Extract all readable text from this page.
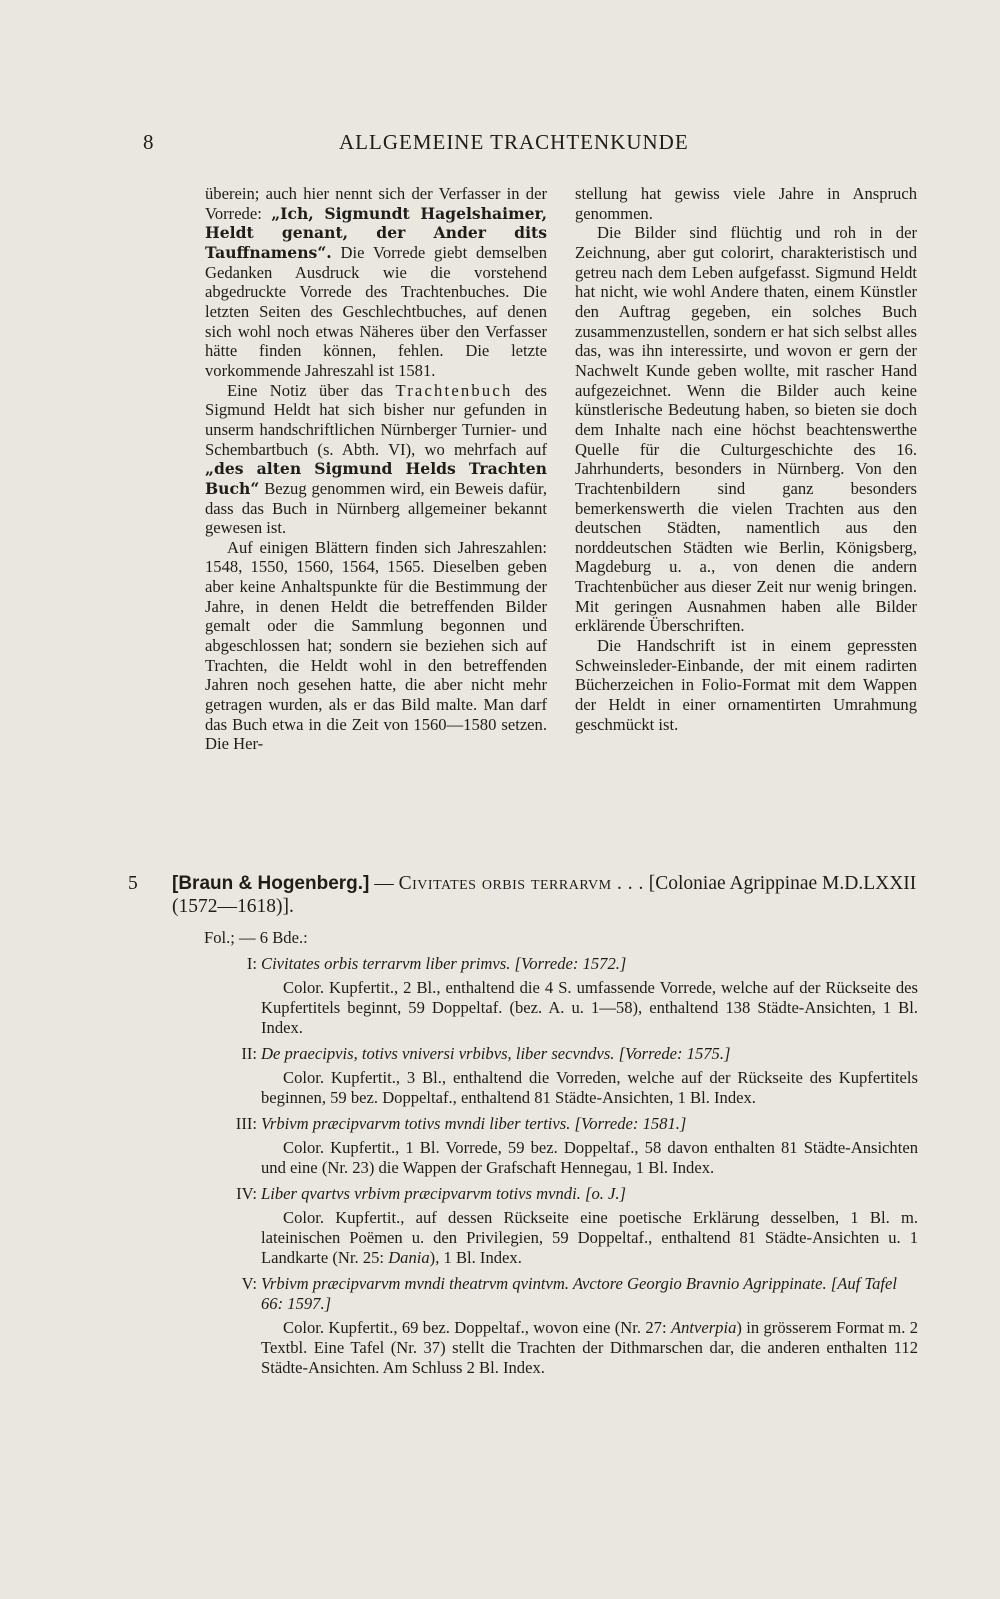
8	ALLGEMEINE TRACHTENKUNDE

überein; auch hier nennt sich der Verfasser in der Vorrede: „Ich, Sigmundt Hagelshaimer, Heldt genant, der Ander dits Tauffnamens“. Die Vorrede giebt demselben Gedanken Ausdruck wie die vorstehend abgedruckte Vorrede des Trachtenbuches. Die letzten Seiten des Geschlechtbuches, auf denen sich wohl noch etwas Näheres über den Verfasser hätte finden können, fehlen. Die letzte vorkommende Jahreszahl ist 1581.

Eine Notiz über das Trachtenbuch des Sigmund Heldt hat sich bisher nur gefunden in unserm handschriftlichen Nürnberger Turnier- und Schembartbuch (s. Abth. VI), wo mehrfach auf „des alten Sigmund Helds Trachten Buch“ Bezug genommen wird, ein Beweis dafür, dass das Buch in Nürnberg allgemeiner bekannt gewesen ist.

Auf einigen Blättern finden sich Jahreszahlen: 1548, 1550, 1560, 1564, 1565. Dieselben geben aber keine Anhaltspunkte für die Bestimmung der Jahre, in denen Heldt die betreffenden Bilder gemalt oder die Sammlung begonnen und abgeschlossen hat; sondern sie beziehen sich auf Trachten, die Heldt wohl in den betreffenden Jahren noch gesehen hatte, die aber nicht mehr getragen wurden, als er das Bild malte. Man darf das Buch etwa in die Zeit von 1560—1580 setzen. Die Her-

stellung hat gewiss viele Jahre in Anspruch genommen.

Die Bilder sind flüchtig und roh in der Zeichnung, aber gut colorirt, charakteristisch und getreu nach dem Leben aufgefasst. Sigmund Heldt hat nicht, wie wohl Andere thaten, einem Künstler den Auftrag gegeben, ein solches Buch zusammenzustellen, sondern er hat sich selbst alles das, was ihn interessirte, und wovon er gern der Nachwelt Kunde geben wollte, mit rascher Hand aufgezeichnet. Wenn die Bilder auch keine künstlerische Bedeutung haben, so bieten sie doch dem Inhalte nach eine höchst beachtenswerthe Quelle für die Culturgeschichte des 16. Jahrhunderts, besonders in Nürnberg. Von den Trachtenbildern sind ganz besonders bemerkenswerth die vielen Trachten aus den deutschen Städten, namentlich aus den norddeutschen Städten wie Berlin, Königsberg, Magdeburg u. a., von denen die andern Trachtenbücher aus dieser Zeit nur wenig bringen. Mit geringen Ausnahmen haben alle Bilder erklärende Überschriften.

Die Handschrift ist in einem gepressten Schweinsleder-Einbande, der mit einem radirten Bücherzeichen in Folio-Format mit dem Wappen der Heldt in einer ornamentirten Umrahmung geschmückt ist.

5 [Braun & Hogenberg.] — Civitates orbis terrarvm . . . [Coloniae Agrippinae M.D.LXXII (1572—1618)].
Fol.; — 6 Bde.:
I: Civitates orbis terrarvm liber primvs. [Vorrede: 1572.]
Color. Kupfertit., 2 Bl., enthaltend die 4 S. umfassende Vorrede, welche auf der Rückseite des Kupfertitels beginnt, 59 Doppeltaf. (bez. A. u. 1—58), enthaltend 138 Städte-Ansichten, 1 Bl. Index.
II: De praecipvis, totivs vniversi vrbibvs, liber secvndvs. [Vorrede: 1575.]
Color. Kupfertit., 3 Bl., enthaltend die Vorreden, welche auf der Rückseite des Kupfertitels beginnen, 59 bez. Doppeltaf., enthaltend 81 Städte-Ansichten, 1 Bl. Index.
III: Vrbivm præcipvarvm totivs mvndi liber tertivs. [Vorrede: 1581.]
Color. Kupfertit., 1 Bl. Vorrede, 59 bez. Doppeltaf., 58 davon enthalten 81 Städte-Ansichten und eine (Nr. 23) die Wappen der Grafschaft Hennegau, 1 Bl. Index.
IV: Liber qvartvs vrbivm præcipvarvm totivs mvndi. [o. J.]
Color. Kupfertit., auf dessen Rückseite eine poetische Erklärung desselben, 1 Bl. m. lateinischen Poëmen u. den Privilegien, 59 Doppeltaf., enthaltend 81 Städte-Ansichten u. 1 Landkarte (Nr. 25: Dania), 1 Bl. Index.
V: Vrbivm præcipvarvm mvndi theatrvm qvintvm. Avctore Georgio Bravnio Agrippinate. [Auf Tafel 66: 1597.]
Color. Kupfertit., 69 bez. Doppeltaf., wovon eine (Nr. 27: Antverpia) in grösserem Format m. 2 Textbl. Eine Tafel (Nr. 37) stellt die Trachten der Dithmarschen dar, die anderen enthalten 112 Städte-Ansichten. Am Schluss 2 Bl. Index.
